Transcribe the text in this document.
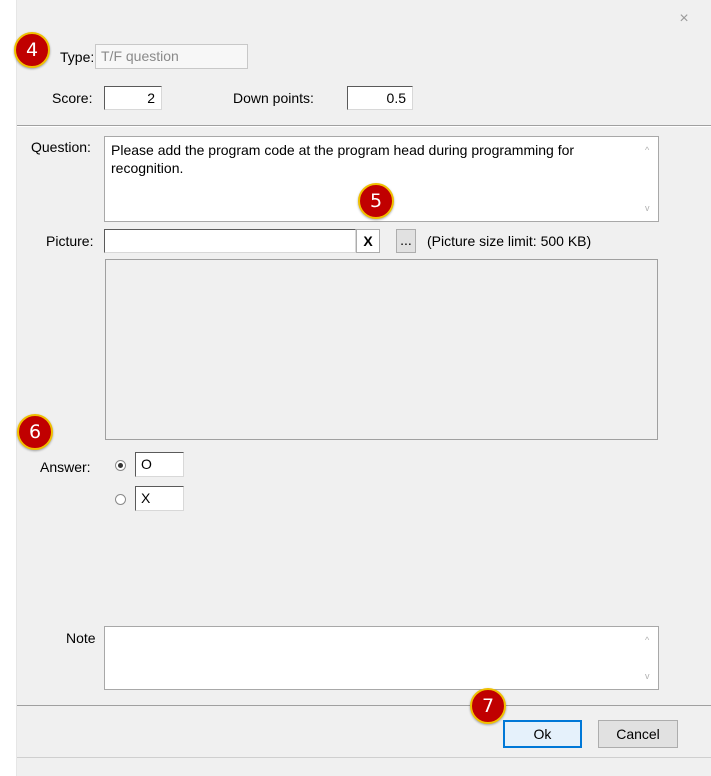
×
Type: T/F question
Score:	2	Down points:	0.5
Question:	Please add the program code at the program head during programming for recognition.
^
v
Picture:	X	... (Picture size limit: 500 KB)
Answer:	O
X
Note	^
v
Ok	Cancel
4
5
6
7
